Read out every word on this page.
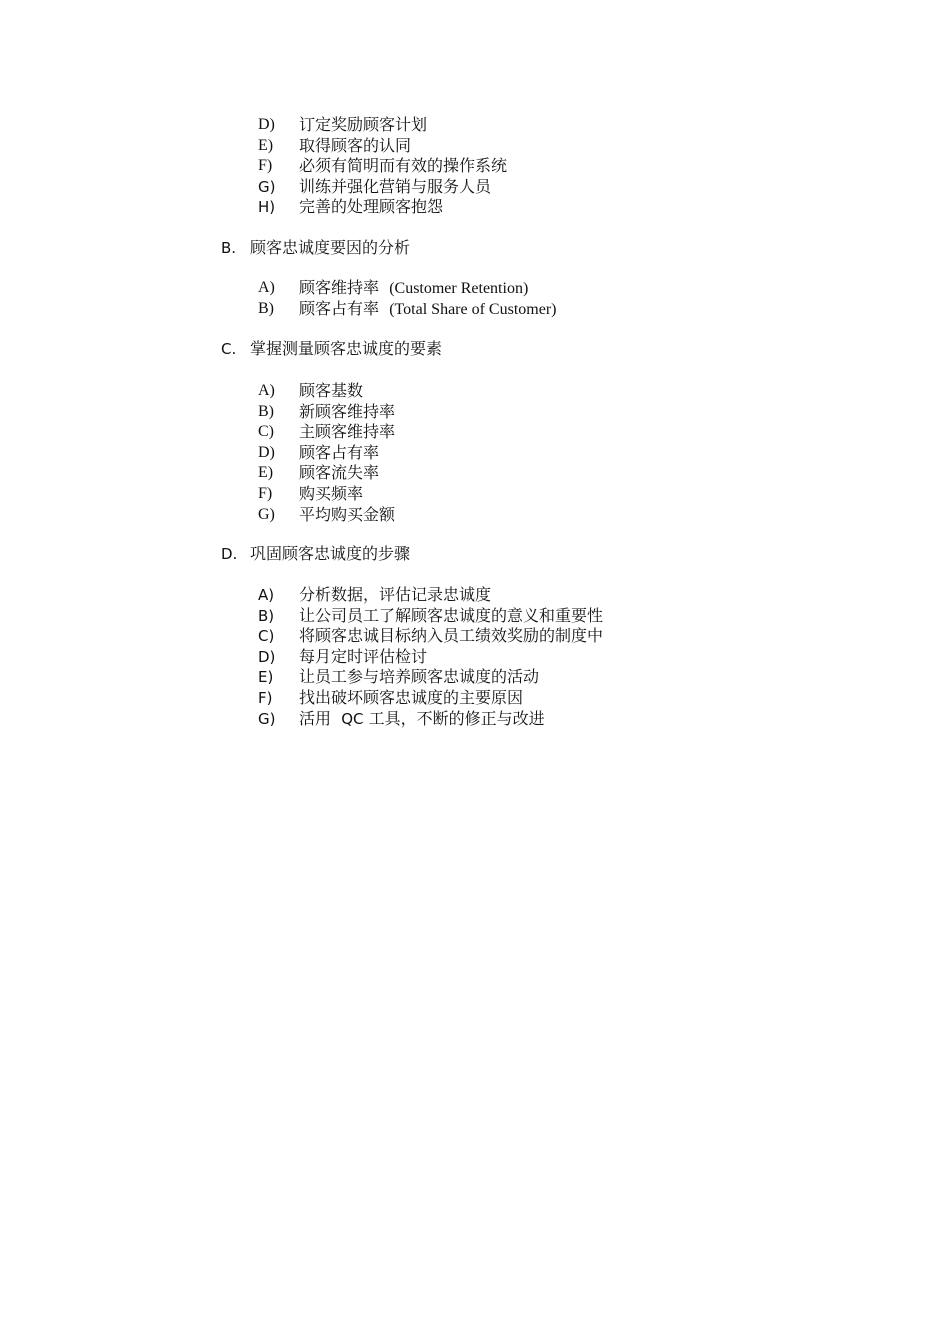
D) 订定奖励顾客计划
E) 取得顾客的认同
F) 必须有简明而有效的操作系统
G) 训练并强化营销与服务人员
H) 完善的处理顾客抱怨
B. 顾客忠诚度要因的分析
A) 顾客维持率 (Customer Retention)
B) 顾客占有率 (Total Share of Customer)
C. 掌握测量顾客忠诚度的要素
A) 顾客基数
B) 新顾客维持率
C) 主顾客维持率
D) 顾客占有率
E) 顾客流失率
F) 购买频率
G) 平均购买金额
D. 巩固顾客忠诚度的步骤
A) 分析数据，评估记录忠诚度
B) 让公司员工了解顾客忠诚度的意义和重要性
C) 将顾客忠诚目标纳入员工绩效奖励的制度中
D) 每月定时评估检讨
E) 让员工参与培养顾客忠诚度的活动
F) 找出破坏顾客忠诚度的主要原因
G) 活用 QC 工具，不断的修正与改进
